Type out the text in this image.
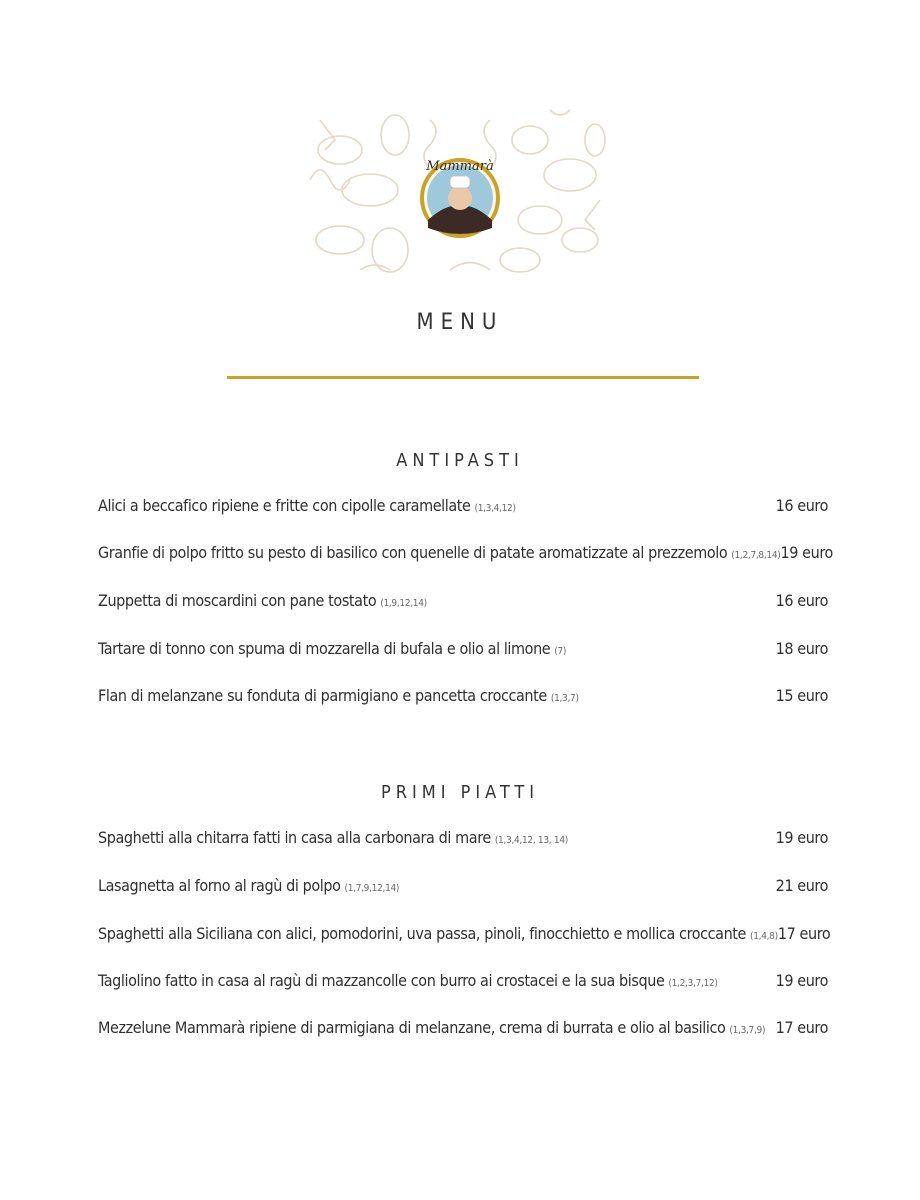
Mammarà
MENU
ANTIPASTI
Alici a beccafico ripiene e fritte con cipolle caramellate (1,3,4,12)	16 euro
Granfie di polpo fritto su pesto di basilico con quenelle di patate aromatizzate al prezzemolo (1,2,7,8,14) 19 euro
Zuppetta di moscardini con pane tostato (1,9,12,14)	16 euro
Tartare di tonno con spuma di mozzarella di bufala e olio al limone (7)	18 euro
Flan di melanzane su fonduta di parmigiano e pancetta croccante (1,3,7)	15 euro
PRIMI PIATTI
Spaghetti alla chitarra fatti in casa alla carbonara di mare (1,3,4,12, 13, 14)	19 euro
Lasagnetta al forno al ragù di polpo (1,7,9,12,14)	21 euro
Spaghetti alla Siciliana con alici, pomodorini, uva passa, pinoli, finocchietto e mollica croccante (1,4,8) 17 euro
Tagliolino fatto in casa al ragù di mazzancolle con burro ai crostacei e la sua bisque (1,2,3,7,12)	19 euro
Mezzelune Mammarà ripiene di parmigiana di melanzane, crema di burrata e olio al basilico (1,3,7,9) 17 euro
